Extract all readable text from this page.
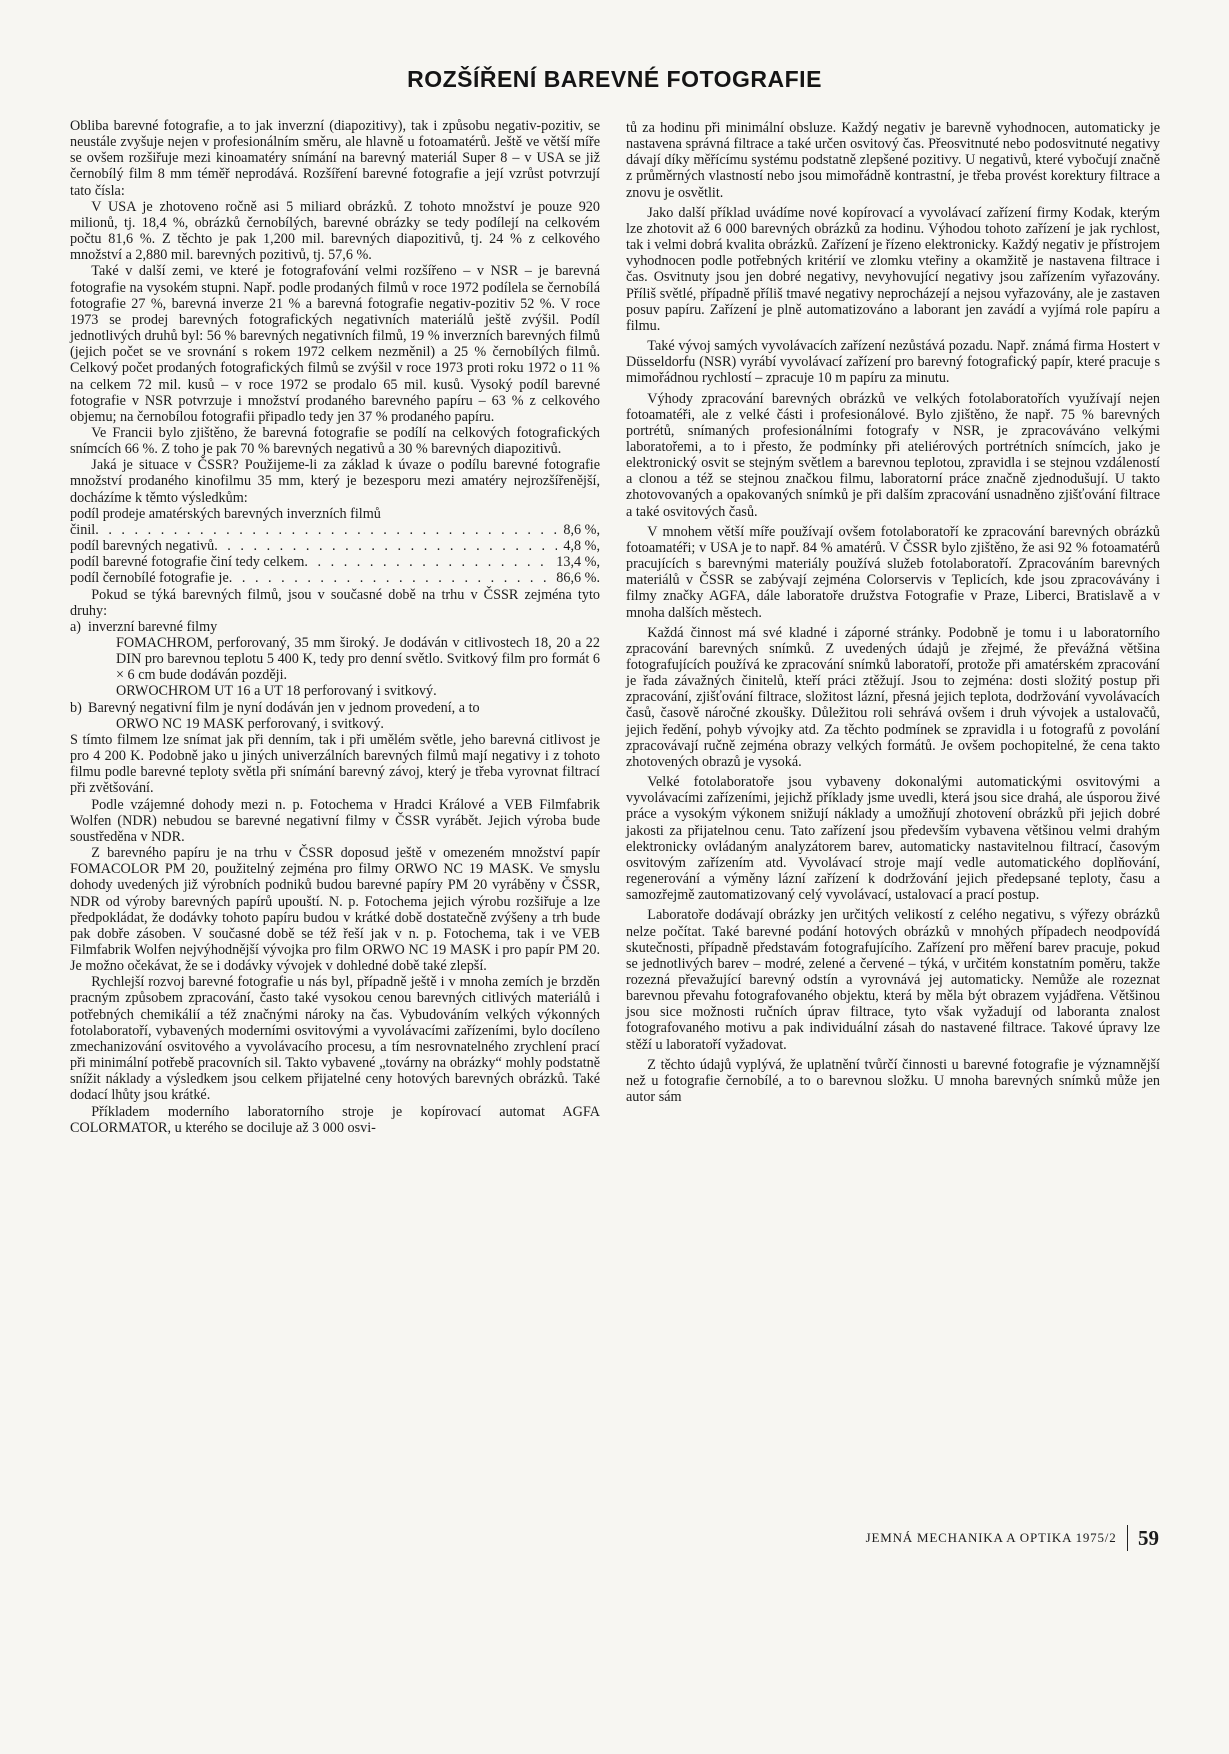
ROZŠÍŘENÍ BAREVNÉ FOTOGRAFIE

Obliba barevné fotografie, a to jak inverzní (diapozitivy), tak i způsobu negativ-pozitiv, se neustále zvyšuje nejen v profesionálním směru, ale hlavně u fotoamatérů. Ještě ve větší míře se ovšem rozšiřuje mezi kinoamatéry snímání na barevný materiál Super 8 – v USA se již černobílý film 8 mm téměř neprodává. Rozšíření barevné fotografie a její vzrůst potvrzují tato čísla:

V USA je zhotoveno ročně asi 5 miliard obrázků. Z tohoto množství je pouze 920 milionů, tj. 18,4 %, obrázků černobílých, barevné obrázky se tedy podílejí na celkovém počtu 81,6 %. Z těchto je pak 1,200 mil. barevných diapozitivů, tj. 24 % z celkového množství a 2,880 mil. barevných pozitivů, tj. 57,6 %.

Také v další zemi, ve které je fotografování velmi rozšířeno – v NSR – je barevná fotografie na vysokém stupni. Např. podle prodaných filmů v roce 1972 podílela se černobílá fotografie 27 %, barevná inverze 21 % a barevná fotografie negativ-pozitiv 52 %. V roce 1973 se prodej barevných fotografických negativních materiálů ještě zvýšil. Podíl jednotlivých druhů byl: 56 % barevných negativních filmů, 19 % inverzních barevných filmů (jejich počet se ve srovnání s rokem 1972 celkem nezměnil) a 25 % černobílých filmů. Celkový počet prodaných fotografických filmů se zvýšil v roce 1973 proti roku 1972 o 11 % na celkem 72 mil. kusů – v roce 1972 se prodalo 65 mil. kusů. Vysoký podíl barevné fotografie v NSR potvrzuje i množství prodaného barevného papíru – 63 % z celkového objemu; na černobílou fotografii připadlo tedy jen 37 % prodaného papíru.

Ve Francii bylo zjištěno, že barevná fotografie se podílí na celkových fotografických snímcích 66 %. Z toho je pak 70 % barevných negativů a 30 % barevných diapozitivů.

Jaká je situace v ČSSR? Použijeme-li za základ k úvaze o podílu barevné fotografie množství prodaného kinofilmu 35 mm, který je bezesporu mezi amatéry nejrozšířenější, docházíme k těmto výsledkům:

podíl prodeje amatérských barevných inverzních filmů

činil . . .	8,6 %,
podíl barevných negativů . . .	4,8 %,
podíl barevné fotografie činí tedy celkem . . .	13,4 %,
podíl černobílé fotografie je . . .	86,6 %.

Pokud se týká barevných filmů, jsou v současné době na trhu v ČSSR zejména tyto druhy:

a) inverzní barevné filmy

FOMACHROM, perforovaný, 35 mm široký. Je dodáván v citlivostech 18, 20 a 22 DIN pro barevnou teplotu 5 400 K, tedy pro denní světlo. Svitkový film pro formát 6 × 6 cm bude dodáván později.

ORWOCHROM UT 16 a UT 18 perforovaný i svitkový.

b) Barevný negativní film je nyní dodáván jen v jednom provedení, a to

ORWO NC 19 MASK perforovaný, i svitkový.

S tímto filmem lze snímat jak při denním, tak i při umělém světle, jeho barevná citlivost je pro 4 200 K. Podobně jako u jiných univerzálních barevných filmů mají negativy i z tohoto filmu podle barevné teploty světla při snímání barevný závoj, který je třeba vyrovnat filtrací při zvětšování.

Podle vzájemné dohody mezi n. p. Fotochema v Hradci Králové a VEB Filmfabrik Wolfen (NDR) nebudou se barevné negativní filmy v ČSSR vyrábět. Jejich výroba bude soustředěna v NDR.

Z barevného papíru je na trhu v ČSSR doposud ještě v omezeném množství papír FOMACOLOR PM 20, použitelný zejména pro filmy ORWO NC 19 MASK. Ve smyslu dohody uvedených již výrobních podniků budou barevné papíry PM 20 vyráběny v ČSSR, NDR od výroby barevných papírů upouští. N. p. Fotochema jejich výrobu rozšiřuje a lze předpokládat, že dodávky tohoto papíru budou v krátké době dostatečně zvýšeny a trh bude pak dobře zásoben. V současné době se též řeší jak v n. p. Fotochema, tak i ve VEB Filmfabrik Wolfen nejvýhodnější vývojka pro film ORWO NC 19 MASK i pro papír PM 20. Je možno očekávat, že se i dodávky vývojek v dohledné době také zlepší.

Rychlejší rozvoj barevné fotografie u nás byl, případně ještě i v mnoha zemích je brzděn pracným způsobem zpracování, často také vysokou cenou barevných citlivých materiálů i potřebných chemikálií a též značnými nároky na čas. Vybudováním velkých výkonných fotolaboratoří, vybavených moderními osvitovými a vyvolávacími zařízeními, bylo docíleno zmechanizování osvitového a vyvolávacího procesu, a tím nesrovnatelného zrychlení prací při minimální potřebě pracovních sil. Takto vybavené „továrny na obrázky“ mohly podstatně snížit náklady a výsledkem jsou celkem přijatelné ceny hotových barevných obrázků. Také dodací lhůty jsou krátké.

Příkladem moderního laboratorního stroje je kopírovací automat AGFA COLORMATOR, u kterého se dociluje až 3 000 osvi-

tů za hodinu při minimální obsluze. Každý negativ je barevně vyhodnocen, automaticky je nastavena správná filtrace a také určen osvitový čas. Přeosvitnuté nebo podosvitnuté negativy dávají díky měřícímu systému podstatně zlepšené pozitivy. U negativů, které vybočují značně z průměrných vlastností nebo jsou mimořádně kontrastní, je třeba provést korektury filtrace a znovu je osvětlit.

Jako další příklad uvádíme nové kopírovací a vyvolávací zařízení firmy Kodak, kterým lze zhotovit až 6 000 barevných obrázků za hodinu. Výhodou tohoto zařízení je jak rychlost, tak i velmi dobrá kvalita obrázků. Zařízení je řízeno elektronicky. Každý negativ je přístrojem vyhodnocen podle potřebných kritérií ve zlomku vteřiny a okamžitě je nastavena filtrace i čas. Osvitnuty jsou jen dobré negativy, nevyhovující negativy jsou zařízením vyřazovány. Příliš světlé, případně příliš tmavé negativy neprocházejí a nejsou vyřazovány, ale je zastaven posuv papíru. Zařízení je plně automatizováno a laborant jen zavádí a vyjímá role papíru a filmu.

Také vývoj samých vyvolávacích zařízení nezůstává pozadu. Např. známá firma Hostert v Düsseldorfu (NSR) vyrábí vyvolávací zařízení pro barevný fotografický papír, které pracuje s mimořádnou rychlostí – zpracuje 10 m papíru za minutu.

Výhody zpracování barevných obrázků ve velkých fotolaboratořích využívají nejen fotoamatéři, ale z velké části i profesionálové. Bylo zjištěno, že např. 75 % barevných portrétů, snímaných profesionálními fotografy v NSR, je zpracováváno velkými laboratořemi, a to i přesto, že podmínky při ateliérových portrétních snímcích, jako je elektronický osvit se stejným světlem a barevnou teplotou, zpravidla i se stejnou vzdáleností a clonou a též se stejnou značkou filmu, laboratorní práce značně zjednodušují. U takto zhotovovaných a opakovaných snímků je při dalším zpracování usnadněno zjišťování filtrace a také osvitových časů.

V mnohem větší míře používají ovšem fotolaboratoří ke zpracování barevných obrázků fotoamatéři; v USA je to např. 84 % amatérů. V ČSSR bylo zjištěno, že asi 92 % fotoamatérů pracujících s barevnými materiály používá služeb fotolaboratoří. Zpracováním barevných materiálů v ČSSR se zabývají zejména Colorservis v Teplicích, kde jsou zpracovávány i filmy značky AGFA, dále laboratoře družstva Fotografie v Praze, Liberci, Bratislavě a v mnoha dalších městech.

Každá činnost má své kladné i záporné stránky. Podobně je tomu i u laboratorního zpracování barevných snímků. Z uvedených údajů je zřejmé, že převážná většina fotografujících používá ke zpracování snímků laboratoří, protože při amatérském zpracování je řada závažných činitelů, kteří práci ztěžují. Jsou to zejména: dosti složitý postup při zpracování, zjišťování filtrace, složitost lázní, přesná jejich teplota, dodržování vyvolávacích časů, časově náročné zkoušky. Důležitou roli sehrává ovšem i druh vývojek a ustalovačů, jejich ředění, pohyb vývojky atd. Za těchto podmínek se zpravidla i u fotografů z povolání zpracovávají ručně zejména obrazy velkých formátů. Je ovšem pochopitelné, že cena takto zhotovených obrazů je vysoká.

Velké fotolaboratoře jsou vybaveny dokonalými automatickými osvitovými a vyvolávacími zařízeními, jejichž příklady jsme uvedli, která jsou sice drahá, ale úsporou živé práce a vysokým výkonem snižují náklady a umožňují zhotovení obrázků při jejich dobré jakosti za přijatelnou cenu. Tato zařízení jsou především vybavena většinou velmi drahým elektronicky ovládaným analyzátorem barev, automaticky nastavitelnou filtrací, časovým osvitovým zařízením atd. Vyvolávací stroje mají vedle automatického doplňování, regenerování a výměny lázní zařízení k dodržování jejich předepsané teploty, času a samozřejmě zautomatizovaný celý vyvolávací, ustalovací a prací postup.

Laboratoře dodávají obrázky jen určitých velikostí z celého negativu, s výřezy obrázků nelze počítat. Také barevné podání hotových obrázků v mnohých případech neodpovídá skutečnosti, případně představám fotografujícího. Zařízení pro měření barev pracuje, pokud se jednotlivých barev – modré, zelené a červené – týká, v určitém konstatním poměru, takže rozezná převažující barevný odstín a vyrovnává jej automaticky. Nemůže ale rozeznat barevnou převahu fotografovaného objektu, která by měla být obrazem vyjádřena. Většinou jsou sice možnosti ručních úprav filtrace, tyto však vyžadují od laboranta znalost fotografovaného motivu a pak individuální zásah do nastavené filtrace. Takové úpravy lze stěží u laboratoří vyžadovat.

Z těchto údajů vyplývá, že uplatnění tvůrčí činnosti u barevné fotografie je významnější než u fotografie černobílé, a to o barevnou složku. U mnoha barevných snímků může jen autor sám

JEMNÁ MECHANIKA A OPTIKA 1975/2	59
